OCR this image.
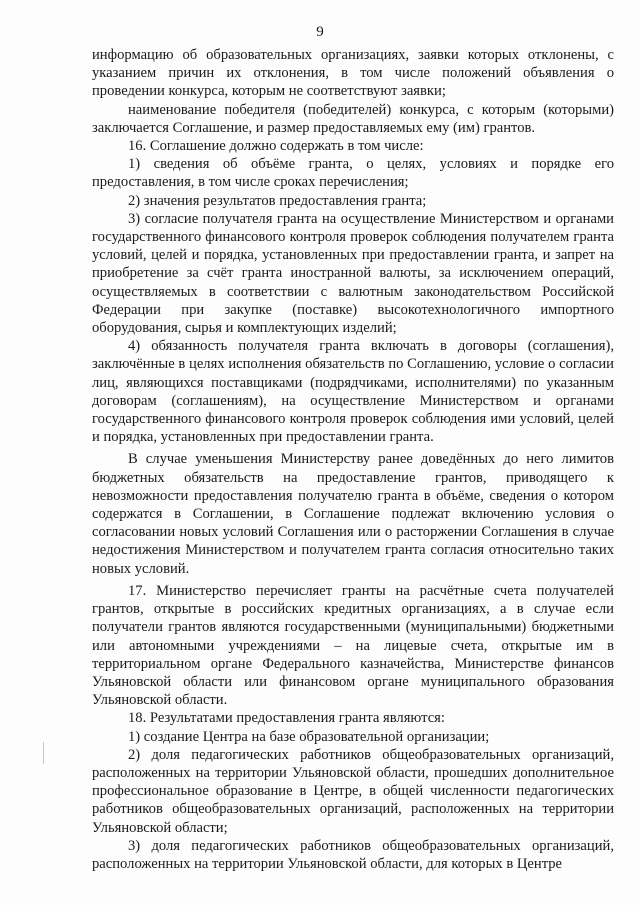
9

информацию об образовательных организациях, заявки которых отклонены, с указанием причин их отклонения, в том числе положений объявления о проведении конкурса, которым не соответствуют заявки;

наименование победителя (победителей) конкурса, с которым (которыми) заключается Соглашение, и размер предоставляемых ему (им) грантов.

16. Соглашение должно содержать в том числе:

1) сведения об объёме гранта, о целях, условиях и порядке его предоставления, в том числе сроках перечисления;

2) значения результатов предоставления гранта;

3) согласие получателя гранта на осуществление Министерством и органами государственного финансового контроля проверок соблюдения получателем гранта условий, целей и порядка, установленных при предоставлении гранта, и запрет на приобретение за счёт гранта иностранной валюты, за исключением операций, осуществляемых в соответствии с валютным законодательством Российской Федерации при закупке (поставке) высокотехнологичного импортного оборудования, сырья и комплектующих изделий;

4) обязанность получателя гранта включать в договоры (соглашения), заключённые в целях исполнения обязательств по Соглашению, условие о согласии лиц, являющихся поставщиками (подрядчиками, исполнителями) по указанным договорам (соглашениям), на осуществление Министерством и органами государственного финансового контроля проверок соблюдения ими условий, целей и порядка, установленных при предоставлении гранта.

В случае уменьшения Министерству ранее доведённых до него лимитов бюджетных обязательств на предоставление грантов, приводящего к невозможности предоставления получателю гранта в объёме, сведения о котором содержатся в Соглашении, в Соглашение подлежат включению условия о согласовании новых условий Соглашения или о расторжении Соглашения в случае недостижения Министерством и получателем гранта согласия относительно таких новых условий.

17. Министерство перечисляет гранты на расчётные счета получателей грантов, открытые в российских кредитных организациях, а в случае если получатели грантов являются государственными (муниципальными) бюджетными или автономными учреждениями – на лицевые счета, открытые им в территориальном органе Федерального казначейства, Министерстве финансов Ульяновской области или финансовом органе муниципального образования Ульяновской области.

18. Результатами предоставления гранта являются:

1) создание Центра на базе образовательной организации;

2) доля педагогических работников общеобразовательных организаций, расположенных на территории Ульяновской области, прошедших дополнительное профессиональное образование в Центре, в общей численности педагогических работников общеобразовательных организаций, расположенных на территории Ульяновской области;

3) доля педагогических работников общеобразовательных организаций, расположенных на территории Ульяновской области, для которых в Центре
